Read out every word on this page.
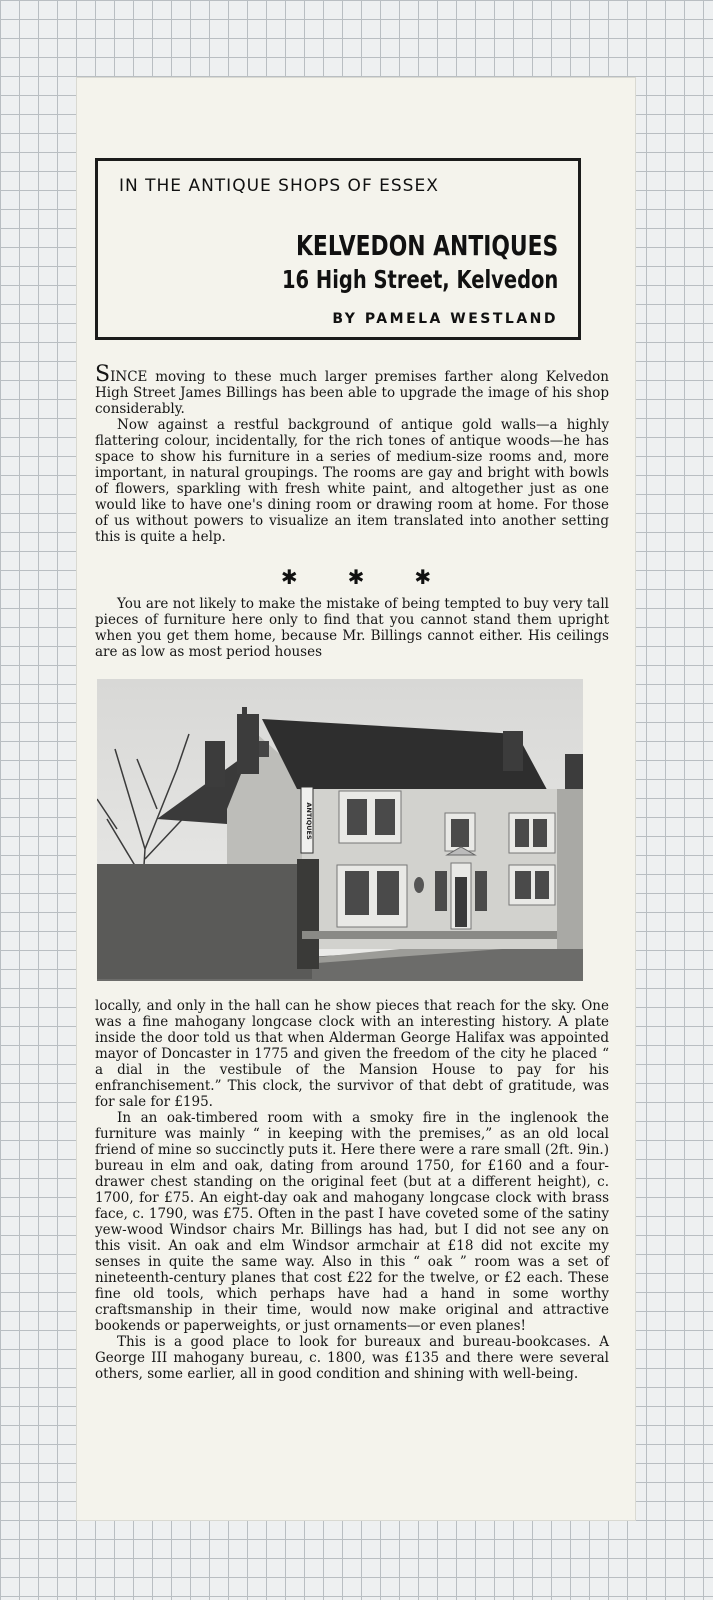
IN THE ANTIQUE SHOPS OF ESSEX
KELVEDON ANTIQUES
16 High Street, Kelvedon
BY PAMELA WESTLAND

SINCE moving to these much larger premises farther along Kelvedon High Street James Billings has been able to upgrade the image of his shop considerably.

Now against a restful background of antique gold walls—a highly flattering colour, incidentally, for the rich tones of antique woods—he has space to show his furniture in a series of medium-size rooms and, more important, in natural groupings. The rooms are gay and bright with bowls of flowers, sparkling with fresh white paint, and altogether just as one would like to have one's dining room or drawing room at home. For those of us without powers to visualize an item translated into another setting this is quite a help.

✱	✱	✱

You are not likely to make the mistake of being tempted to buy very tall pieces of furniture here only to find that you cannot stand them upright when you get them home, because Mr. Billings cannot either. His ceilings are as low as most period houses

ANTIQUES

locally, and only in the hall can he show pieces that reach for the sky. One was a fine mahogany longcase clock with an interesting history. A plate inside the door told us that when Alderman George Halifax was appointed mayor of Doncaster in 1775 and given the freedom of the city he placed “ a dial in the vestibule of the Mansion House to pay for his enfranchisement.” This clock, the survivor of that debt of gratitude, was for sale for £195.

In an oak-timbered room with a smoky fire in the inglenook the furniture was mainly “ in keeping with the premises,” as an old local friend of mine so succinctly puts it. Here there were a rare small (2ft. 9in.) bureau in elm and oak, dating from around 1750, for £160 and a four-drawer chest standing on the original feet (but at a different height), c. 1700, for £75. An eight-day oak and mahogany longcase clock with brass face, c. 1790, was £75. Often in the past I have coveted some of the satiny yew-wood Windsor chairs Mr. Billings has had, but I did not see any on this visit. An oak and elm Windsor armchair at £18 did not excite my senses in quite the same way. Also in this “ oak ” room was a set of nineteenth-century planes that cost £22 for the twelve, or £2 each. These fine old tools, which perhaps have had a hand in some worthy craftsmanship in their time, would now make original and attractive bookends or paperweights, or just ornaments—or even planes!

This is a good place to look for bureaux and bureau-bookcases. A George III mahogany bureau, c. 1800, was £135 and there were several others, some earlier, all in good condition and shining with well-being.
